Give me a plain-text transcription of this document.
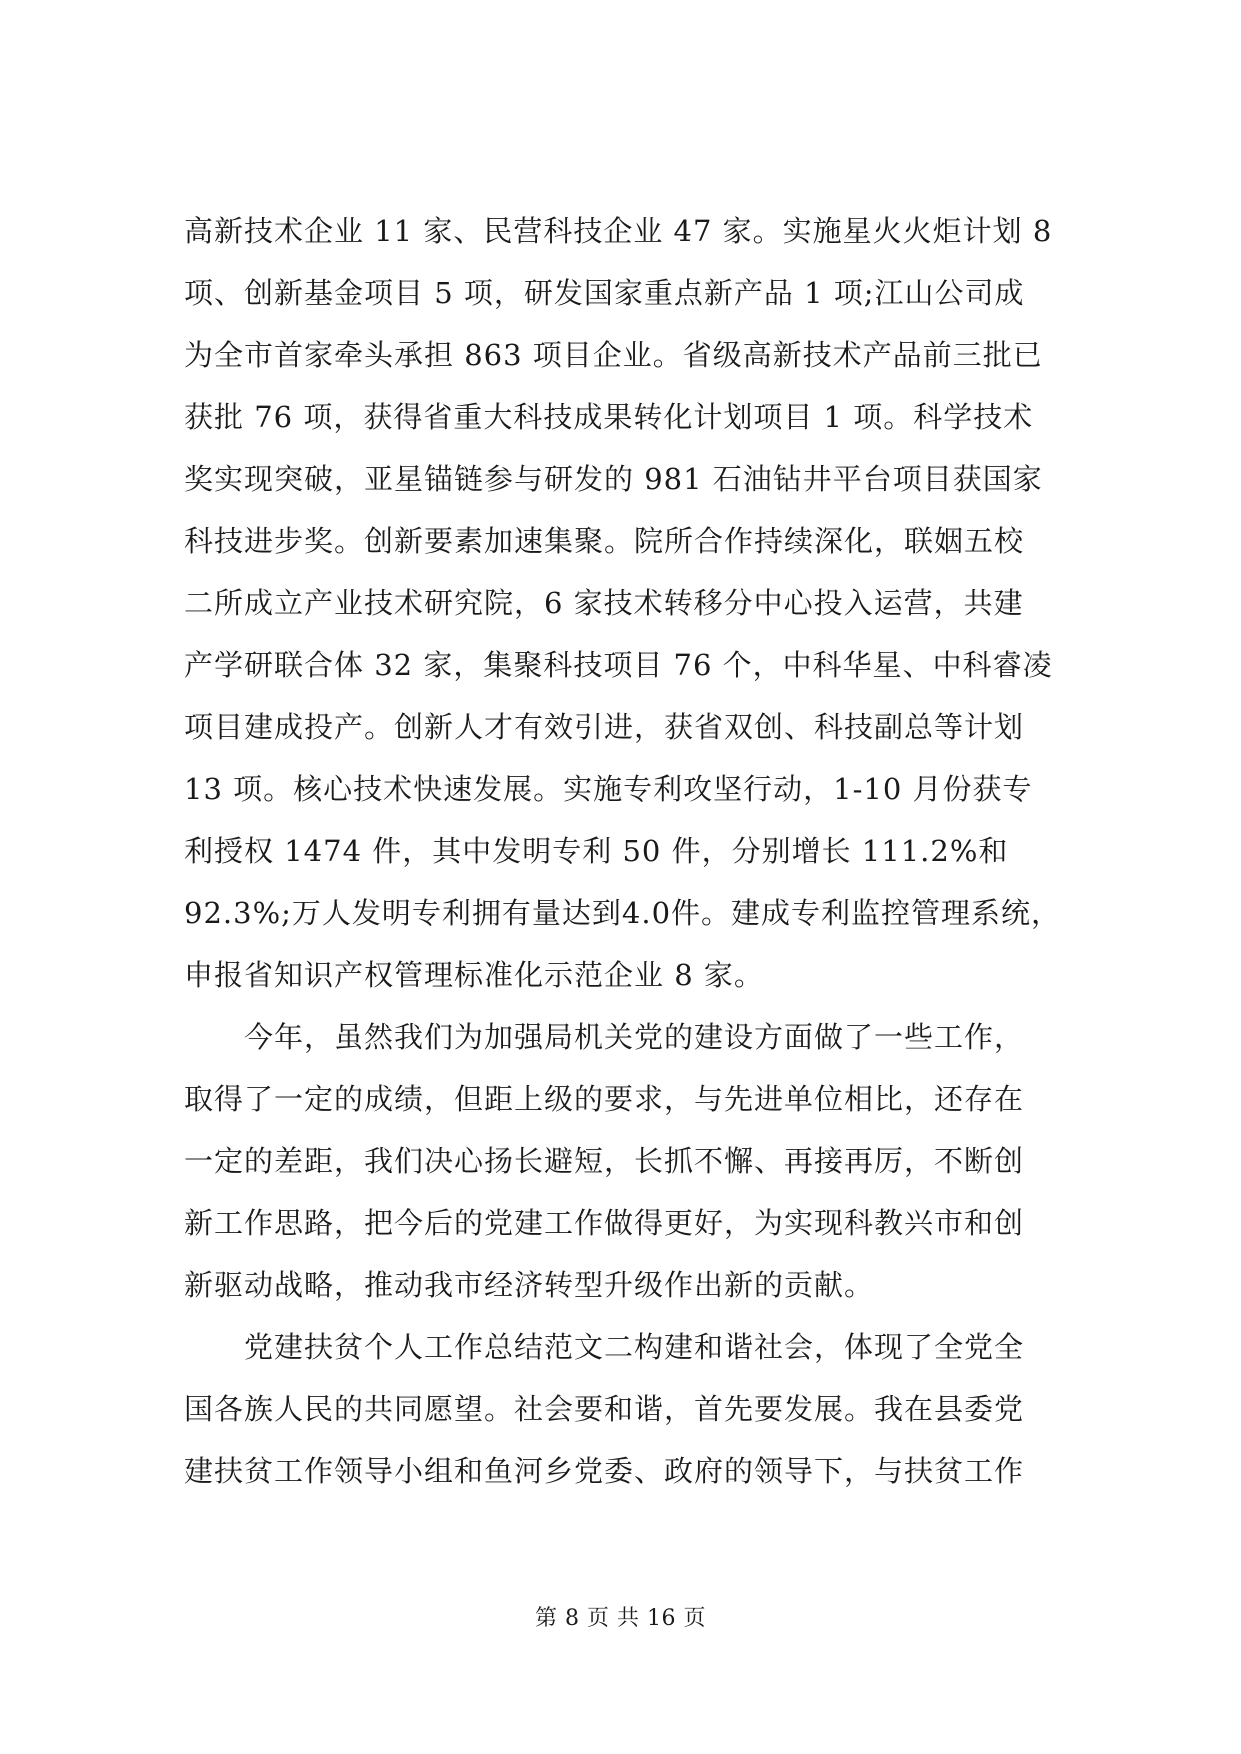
高新技术企业 11 家、民营科技企业 47 家。实施星火火炬计划 8
项、创新基金项目 5 项，研发国家重点新产品 1 项;江山公司成
为全市首家牵头承担 863 项目企业。省级高新技术产品前三批已
获批 76 项，获得省重大科技成果转化计划项目 1 项。科学技术
奖实现突破，亚星锚链参与研发的 981 石油钻井平台项目获国家
科技进步奖。创新要素加速集聚。院所合作持续深化，联姻五校
二所成立产业技术研究院，6 家技术转移分中心投入运营，共建
产学研联合体 32 家，集聚科技项目 76 个，中科华星、中科睿凌
项目建成投产。创新人才有效引进，获省双创、科技副总等计划
13 项。核心技术快速发展。实施专利攻坚行动，1-10 月份获专
利授权 1474 件，其中发明专利 50 件，分别增长 111.2%和
92.3%;万人发明专利拥有量达到4.0件。建成专利监控管理系统，
申报省知识产权管理标准化示范企业 8 家。
　　今年，虽然我们为加强局机关党的建设方面做了一些工作，
取得了一定的成绩，但距上级的要求，与先进单位相比，还存在
一定的差距，我们决心扬长避短，长抓不懈、再接再厉，不断创
新工作思路，把今后的党建工作做得更好，为实现科教兴市和创
新驱动战略，推动我市经济转型升级作出新的贡献。
　　党建扶贫个人工作总结范文二构建和谐社会，体现了全党全
国各族人民的共同愿望。社会要和谐，首先要发展。我在县委党
建扶贫工作领导小组和鱼河乡党委、政府的领导下，与扶贫工作
第 8 页 共 16 页
